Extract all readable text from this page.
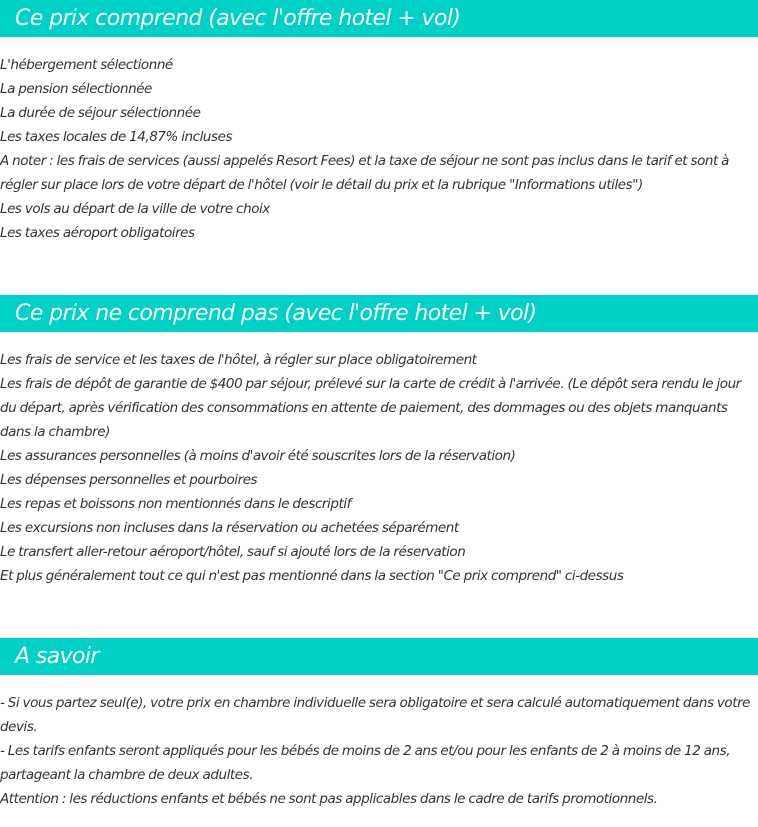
Ce prix comprend (avec l'offre hotel + vol)

L'hébergement sélectionné

La pension sélectionnée

La durée de séjour sélectionnée

Les taxes locales de 14,87% incluses

A noter : les frais de services (aussi appelés Resort Fees) et la taxe de séjour ne sont pas inclus dans le tarif et sont à régler sur place lors de votre départ de l'hôtel (voir le détail du prix et la rubrique "Informations utiles")

Les vols au départ de la ville de votre choix

Les taxes aéroport obligatoires

Ce prix ne comprend pas (avec l'offre hotel + vol)

Les frais de service et les taxes de l'hôtel, à régler sur place obligatoirement

Les frais de dépôt de garantie de $400 par séjour, prélevé sur la carte de crédit à l'arrivée. (Le dépôt sera rendu le jour du départ, après vérification des consommations en attente de paiement, des dommages ou des objets manquants dans la chambre)

Les assurances personnelles (à moins d'avoir été souscrites lors de la réservation)

Les dépenses personnelles et pourboires

Les repas et boissons non mentionnés dans le descriptif

Les excursions non incluses dans la réservation ou achetées séparément

Le transfert aller-retour aéroport/hôtel, sauf si ajouté lors de la réservation

Et plus généralement tout ce qui n'est pas mentionné dans la section "Ce prix comprend" ci-dessus

A savoir

- Si vous partez seul(e), votre prix en chambre individuelle sera obligatoire et sera calculé automatiquement dans votre devis.

- Les tarifs enfants seront appliqués pour les bébés de moins de 2 ans et/ou pour les enfants de 2 à moins de 12 ans, partageant la chambre de deux adultes.

Attention : les réductions enfants et bébés ne sont pas applicables dans le cadre de tarifs promotionnels.
